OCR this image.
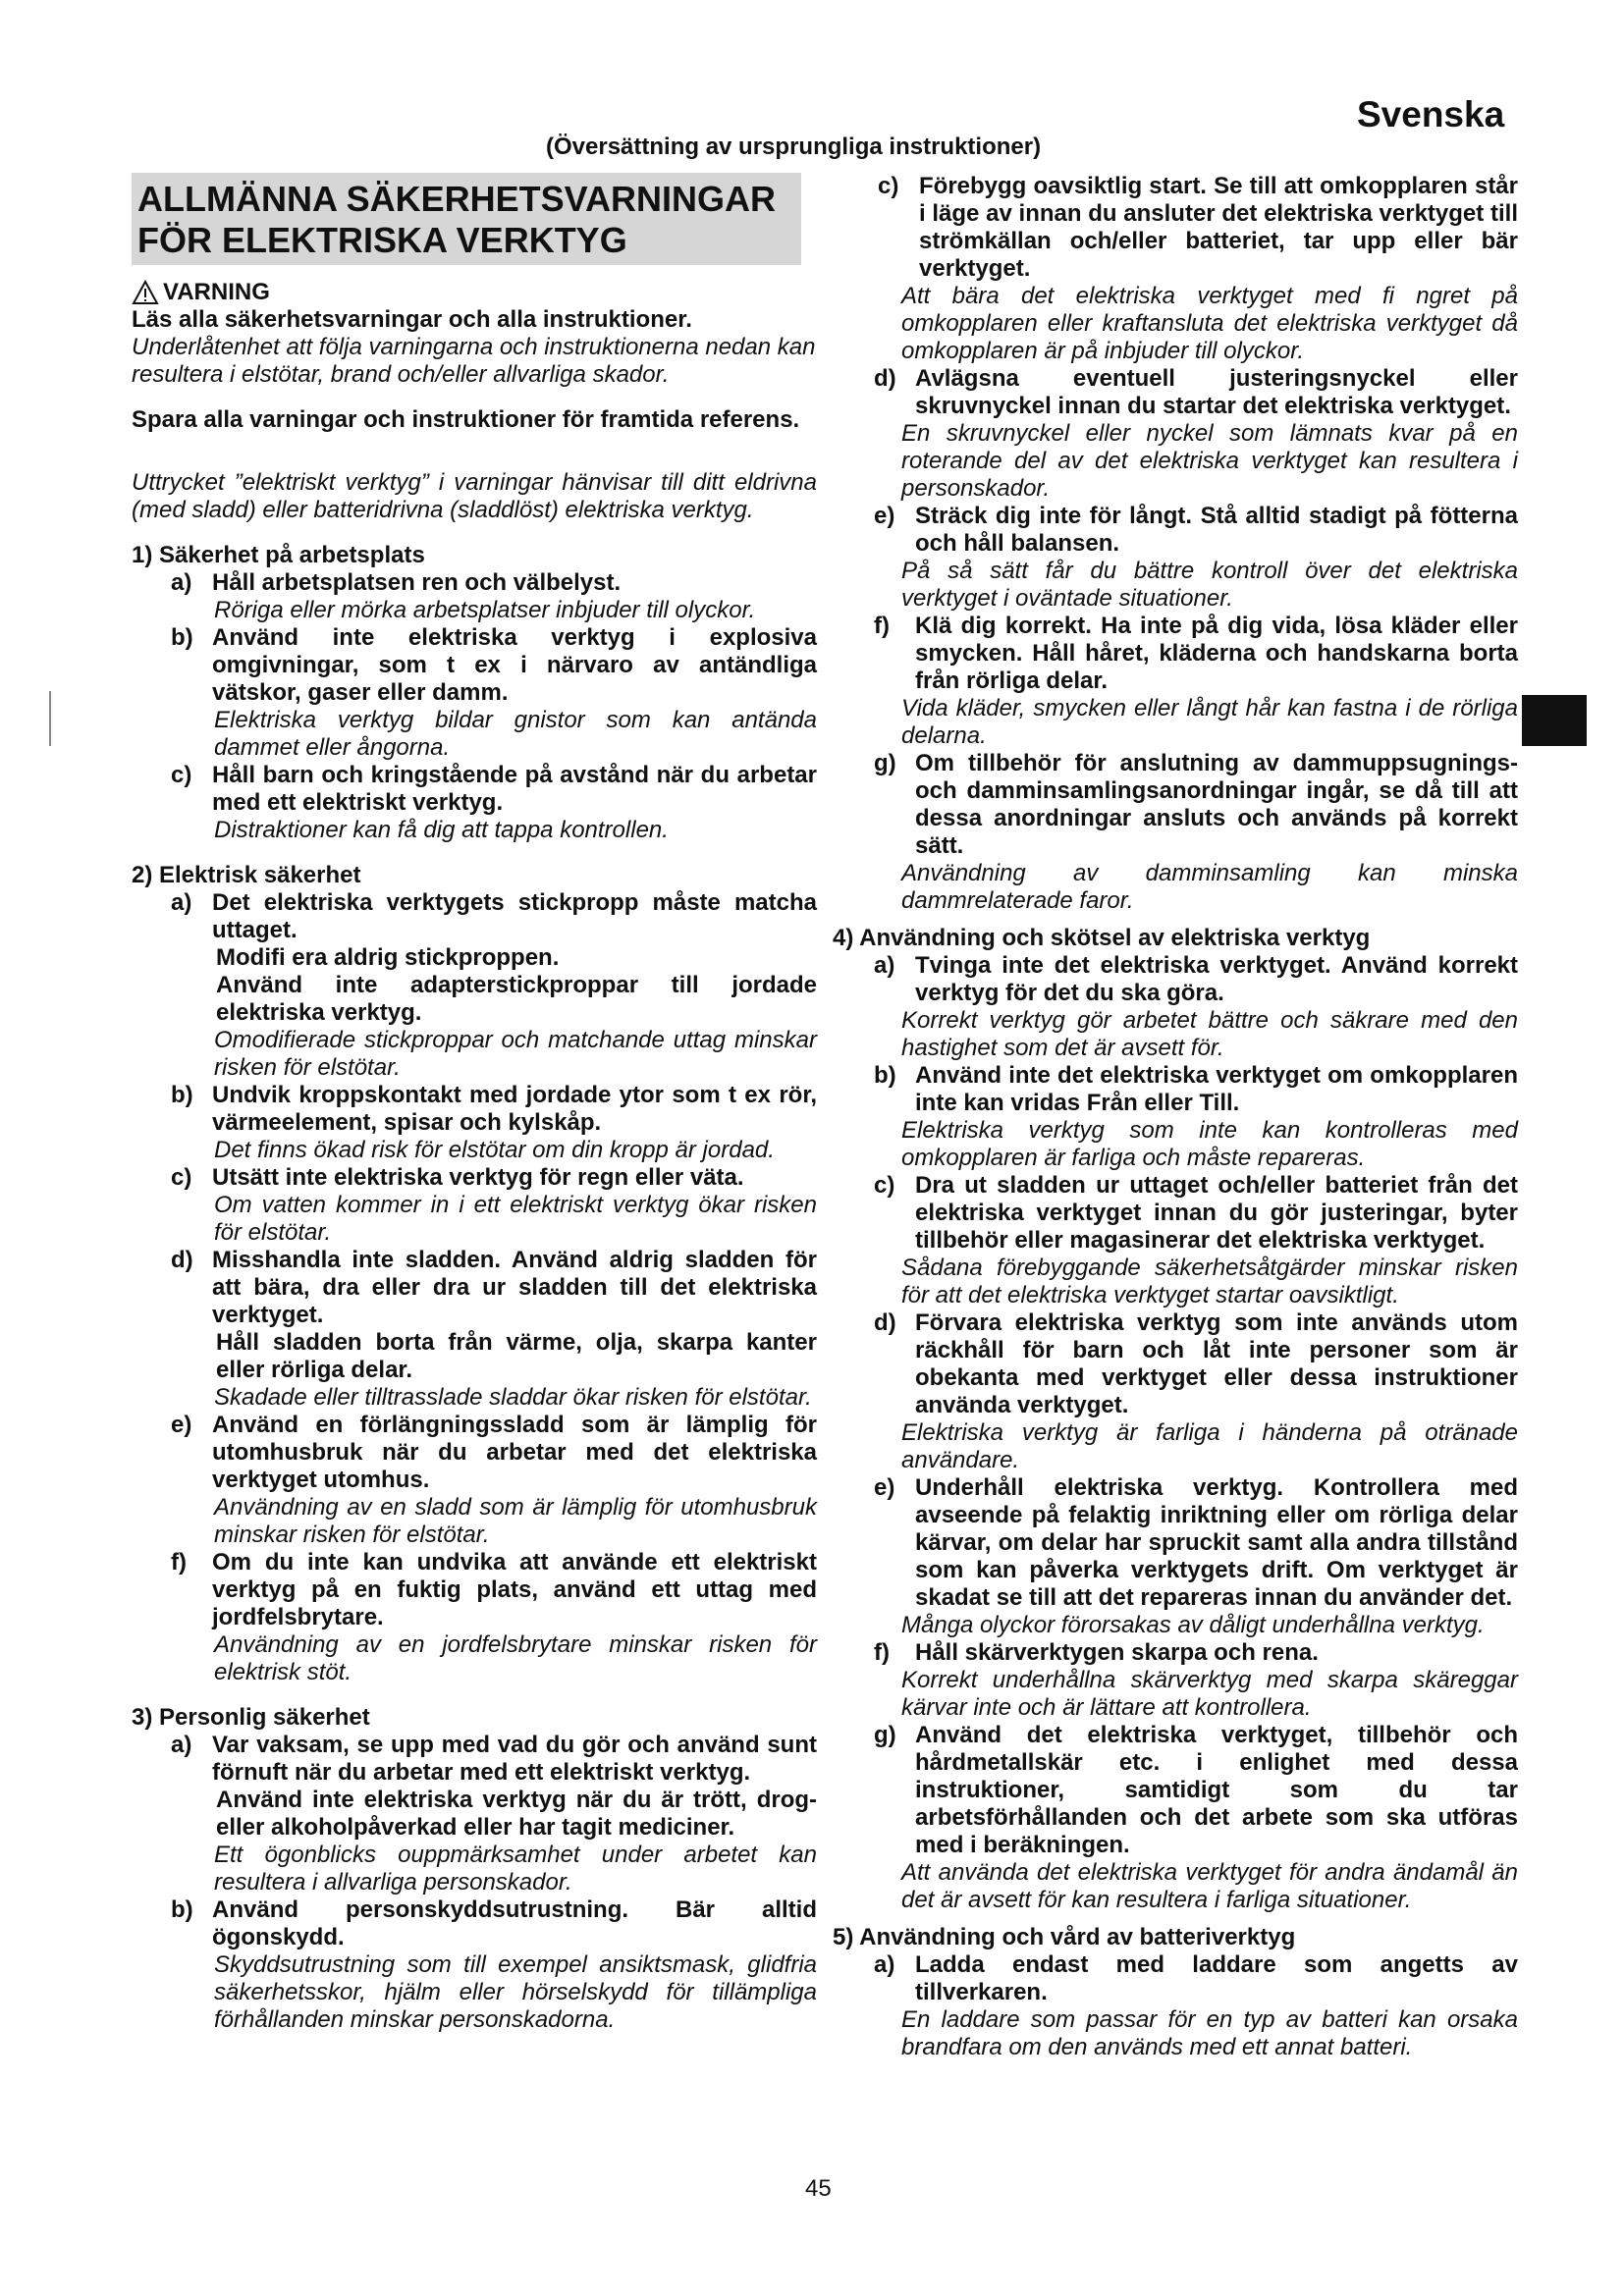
Svenska
(Översättning av ursprungliga instruktioner)
ALLMÄNNA SÄKERHETSVARNINGAR
FÖR ELEKTRISKA VERKTYG
VARNING

Läs alla säkerhetsvarningar och alla instruktioner.

Underlåtenhet att följa varningarna och instruktionerna nedan kan resultera i elstötar, brand och/eller allvarliga skador.

Spara alla varningar och instruktioner för framtida referens.

Uttrycket ”elektriskt verktyg” i varningar hänvisar till ditt eldrivna (med sladd) eller batteridrivna (sladdlöst) elektriska verktyg.

1) Säkerhet på arbetsplats
a) Håll arbetsplatsen ren och välbelyst.
Röriga eller mörka arbetsplatser inbjuder till olyckor.
b) Använd inte elektriska verktyg i explosiva omgivningar, som t ex i närvaro av antändliga vätskor, gaser eller damm.
Elektriska verktyg bildar gnistor som kan antända dammet eller ångorna.
c) Håll barn och kringstående på avstånd när du arbetar med ett elektriskt verktyg.
Distraktioner kan få dig att tappa kontrollen.
2) Elektrisk säkerhet
a) Det elektriska verktygets stickpropp måste matcha uttaget.
Modifi era aldrig stickproppen.
Använd inte adapterstickproppar till jordade elektriska verktyg.
Omodifierade stickproppar och matchande uttag minskar risken för elstötar.
b) Undvik kroppskontakt med jordade ytor som t ex rör, värmeelement, spisar och kylskåp.
Det finns ökad risk för elstötar om din kropp är jordad.
c) Utsätt inte elektriska verktyg för regn eller väta.
Om vatten kommer in i ett elektriskt verktyg ökar risken för elstötar.
d) Misshandla inte sladden. Använd aldrig sladden för att bära, dra eller dra ur sladden till det elektriska verktyget.
Håll sladden borta från värme, olja, skarpa kanter eller rörliga delar.
Skadade eller tilltrasslade sladdar ökar risken för elstötar.
e) Använd en förlängningssladd som är lämplig för utomhusbruk när du arbetar med det elektriska verktyget utomhus.
Användning av en sladd som är lämplig för utomhusbruk minskar risken för elstötar.
f)	Om du inte kan undvika att använde ett elektriskt verktyg på en fuktig plats, använd ett uttag med jordfelsbrytare.
Användning av en jordfelsbrytare minskar risken för elektrisk stöt.
3) Personlig säkerhet
a) Var vaksam, se upp med vad du gör och använd sunt förnuft när du arbetar med ett elektriskt verktyg.
Använd inte elektriska verktyg när du är trött, drog- eller alkoholpåverkad eller har tagit mediciner.
Ett ögonblicks ouppmärksamhet under arbetet kan resultera i allvarliga personskador.
b) Använd personskyddsutrustning. Bär alltid ögonskydd.
Skyddsutrustning som till exempel ansiktsmask, glidfria säkerhetsskor, hjälm eller hörselskydd för tillämpliga förhållanden minskar personskadorna.
c) Förebygg oavsiktlig start. Se till att omkopplaren står i läge av innan du ansluter det elektriska verktyget till strömkällan och/eller batteriet, tar upp eller bär verktyget.
Att bära det elektriska verktyget med fi ngret på omkopplaren eller kraftansluta det elektriska verktyget då omkopplaren är på inbjuder till olyckor.
d) Avlägsna eventuell justeringsnyckel eller skruvnyckel innan du startar det elektriska verktyget.
En skruvnyckel eller nyckel som lämnats kvar på en roterande del av det elektriska verktyget kan resultera i personskador.
e) Sträck dig inte för långt. Stå alltid stadigt på fötterna och håll balansen.
På så sätt får du bättre kontroll över det elektriska verktyget i oväntade situationer.
f)	Klä dig korrekt. Ha inte på dig vida, lösa kläder eller smycken. Håll håret, kläderna och handskarna borta från rörliga delar.
Vida kläder, smycken eller långt hår kan fastna i de rörliga delarna.
g) Om tillbehör för anslutning av dammuppsugnings- och damminsamlingsanordningar ingår, se då till att dessa anordningar ansluts och används på korrekt sätt.
Användning av damminsamling kan minska dammrelaterade faror.
4) Användning och skötsel av elektriska verktyg
a) Tvinga inte det elektriska verktyget. Använd korrekt verktyg för det du ska göra.
Korrekt verktyg gör arbetet bättre och säkrare med den hastighet som det är avsett för.
b) Använd inte det elektriska verktyget om omkopplaren inte kan vridas Från eller Till.
Elektriska verktyg som inte kan kontrolleras med omkopplaren är farliga och måste repareras.
c) Dra ut sladden ur uttaget och/eller batteriet från det elektriska verktyget innan du gör justeringar, byter tillbehör eller magasinerar det elektriska verktyget.
Sådana förebyggande säkerhetsåtgärder minskar risken för att det elektriska verktyget startar oavsiktligt.
d) Förvara elektriska verktyg som inte används utom räckhåll för barn och låt inte personer som är obekanta med verktyget eller dessa instruktioner använda verktyget.
Elektriska verktyg är farliga i händerna på otränade användare.
e) Underhåll elektriska verktyg. Kontrollera med avseende på felaktig inriktning eller om rörliga delar kärvar, om delar har spruckit samt alla andra tillstånd som kan påverka verktygets drift. Om verktyget är skadat se till att det repareras innan du använder det.
Många olyckor förorsakas av dåligt underhållna verktyg.
f)	Håll skärverktygen skarpa och rena.
Korrekt underhållna skärverktyg med skarpa skäreggar kärvar inte och är lättare att kontrollera.
g) Använd det elektriska verktyget, tillbehör och hårdmetallskär etc. i enlighet med dessa instruktioner, samtidigt som du tar arbetsförhållanden och det arbete som ska utföras med i beräkningen.
Att använda det elektriska verktyget för andra ändamål än det är avsett för kan resultera i farliga situationer.
5) Användning och vård av batteriverktyg
a) Ladda endast med laddare som angetts av tillverkaren.
En laddare som passar för en typ av batteri kan orsaka brandfara om den används med ett annat batteri.
45
